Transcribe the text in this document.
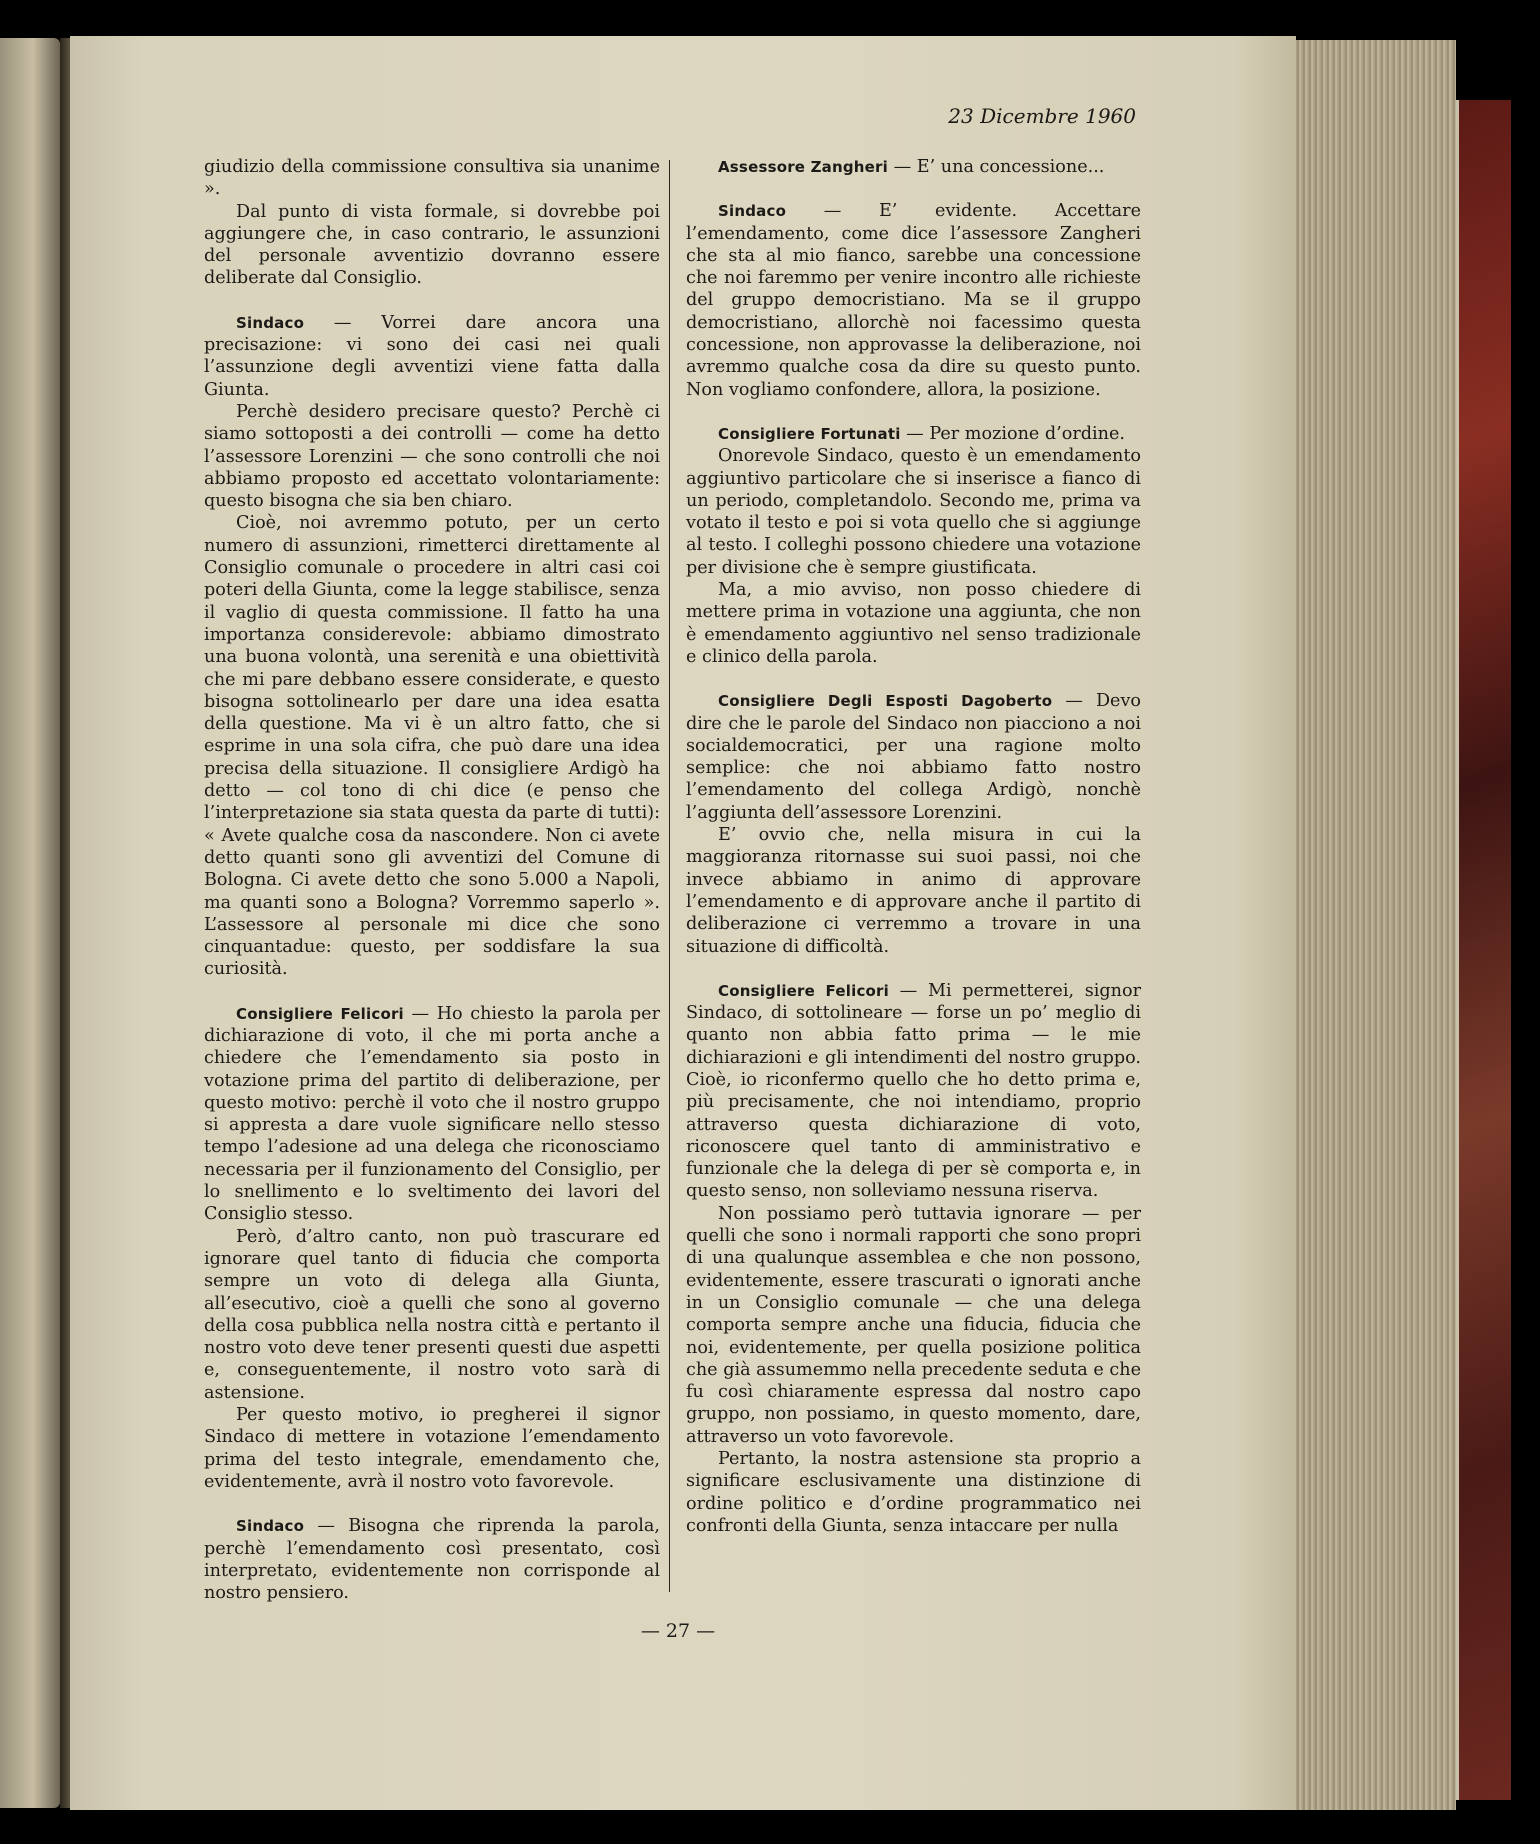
23 Dicembre 1960

giudizio della commissione consultiva sia unanime ».

Dal punto di vista formale, si dovrebbe poi aggiungere che, in caso contrario, le assunzioni del personale avventizio dovranno essere deliberate dal Consiglio.

Sindaco — Vorrei dare ancora una precisazione: vi sono dei casi nei quali l’assunzione degli avventizi viene fatta dalla Giunta.

Perchè desidero precisare questo? Perchè ci siamo sottoposti a dei controlli — come ha detto l’assessore Lorenzini — che sono controlli che noi abbiamo proposto ed accettato volontariamente: questo bisogna che sia ben chiaro.

Cioè, noi avremmo potuto, per un certo numero di assunzioni, rimetterci direttamente al Consiglio comunale o procedere in altri casi coi poteri della Giunta, come la legge stabilisce, senza il vaglio di questa commissione. Il fatto ha una importanza considerevole: abbiamo dimostrato una buona volontà, una serenità e una obiettività che mi pare debbano essere considerate, e questo bisogna sottolinearlo per dare una idea esatta della questione. Ma vi è un altro fatto, che si esprime in una sola cifra, che può dare una idea precisa della situazione. Il consigliere Ardigò ha detto — col tono di chi dice (e penso che l’interpretazione sia stata questa da parte di tutti): « Avete qualche cosa da nascondere. Non ci avete detto quanti sono gli avventizi del Comune di Bologna. Ci avete detto che sono 5.000 a Napoli, ma quanti sono a Bologna? Vorremmo saperlo ». L’assessore al personale mi dice che sono cinquantadue: questo, per soddisfare la sua curiosità.

Consigliere Felicori — Ho chiesto la parola per dichiarazione di voto, il che mi porta anche a chiedere che l’emendamento sia posto in votazione prima del partito di deliberazione, per questo motivo: perchè il voto che il nostro gruppo si appresta a dare vuole significare nello stesso tempo l’adesione ad una delega che riconosciamo necessaria per il funzionamento del Consiglio, per lo snellimento e lo sveltimento dei lavori del Consiglio stesso.

Però, d’altro canto, non può trascurare ed ignorare quel tanto di fiducia che comporta sempre un voto di delega alla Giunta, all’esecutivo, cioè a quelli che sono al governo della cosa pubblica nella nostra città e pertanto il nostro voto deve tener presenti questi due aspetti e, conseguentemente, il nostro voto sarà di astensione.

Per questo motivo, io pregherei il signor Sindaco di mettere in votazione l’emendamento prima del testo integrale, emendamento che, evidentemente, avrà il nostro voto favorevole.

Sindaco — Bisogna che riprenda la parola, perchè l’emendamento così presentato, così interpretato, evidentemente non corrisponde al nostro pensiero.

Assessore Zangheri — E’ una concessione...

Sindaco — E’ evidente. Accettare l’emendamento, come dice l’assessore Zangheri che sta al mio fianco, sarebbe una concessione che noi faremmo per venire incontro alle richieste del gruppo democristiano. Ma se il gruppo democristiano, allorchè noi facessimo questa concessione, non approvasse la deliberazione, noi avremmo qualche cosa da dire su questo punto. Non vogliamo confondere, allora, la posizione.

Consigliere Fortunati — Per mozione d’ordine.

Onorevole Sindaco, questo è un emendamento aggiuntivo particolare che si inserisce a fianco di un periodo, completandolo. Secondo me, prima va votato il testo e poi si vota quello che si aggiunge al testo. I colleghi possono chiedere una votazione per divisione che è sempre giustificata.

Ma, a mio avviso, non posso chiedere di mettere prima in votazione una aggiunta, che non è emendamento aggiuntivo nel senso tradizionale e clinico della parola.

Consigliere Degli Esposti Dagoberto — Devo dire che le parole del Sindaco non piacciono a noi socialdemocratici, per una ragione molto semplice: che noi abbiamo fatto nostro l’emendamento del collega Ardigò, nonchè l’aggiunta dell’assessore Lorenzini.

E’ ovvio che, nella misura in cui la maggioranza ritornasse sui suoi passi, noi che invece abbiamo in animo di approvare l’emendamento e di approvare anche il partito di deliberazione ci verremmo a trovare in una situazione di difficoltà.

Consigliere Felicori — Mi permetterei, signor Sindaco, di sottolineare — forse un po’ meglio di quanto non abbia fatto prima — le mie dichiarazioni e gli intendimenti del nostro gruppo. Cioè, io riconfermo quello che ho detto prima e, più precisamente, che noi intendiamo, proprio attraverso questa dichiarazione di voto, riconoscere quel tanto di amministrativo e funzionale che la delega di per sè comporta e, in questo senso, non solleviamo nessuna riserva.

Non possiamo però tuttavia ignorare — per quelli che sono i normali rapporti che sono propri di una qualunque assemblea e che non possono, evidentemente, essere trascurati o ignorati anche in un Consiglio comunale — che una delega comporta sempre anche una fiducia, fiducia che noi, evidentemente, per quella posizione politica che già assumemmo nella precedente seduta e che fu così chiaramente espressa dal nostro capo gruppo, non possiamo, in questo momento, dare, attraverso un voto favorevole.

Pertanto, la nostra astensione sta proprio a significare esclusivamente una distinzione di ordine politico e d’ordine programmatico nei confronti della Giunta, senza intaccare per nulla

— 27 —
